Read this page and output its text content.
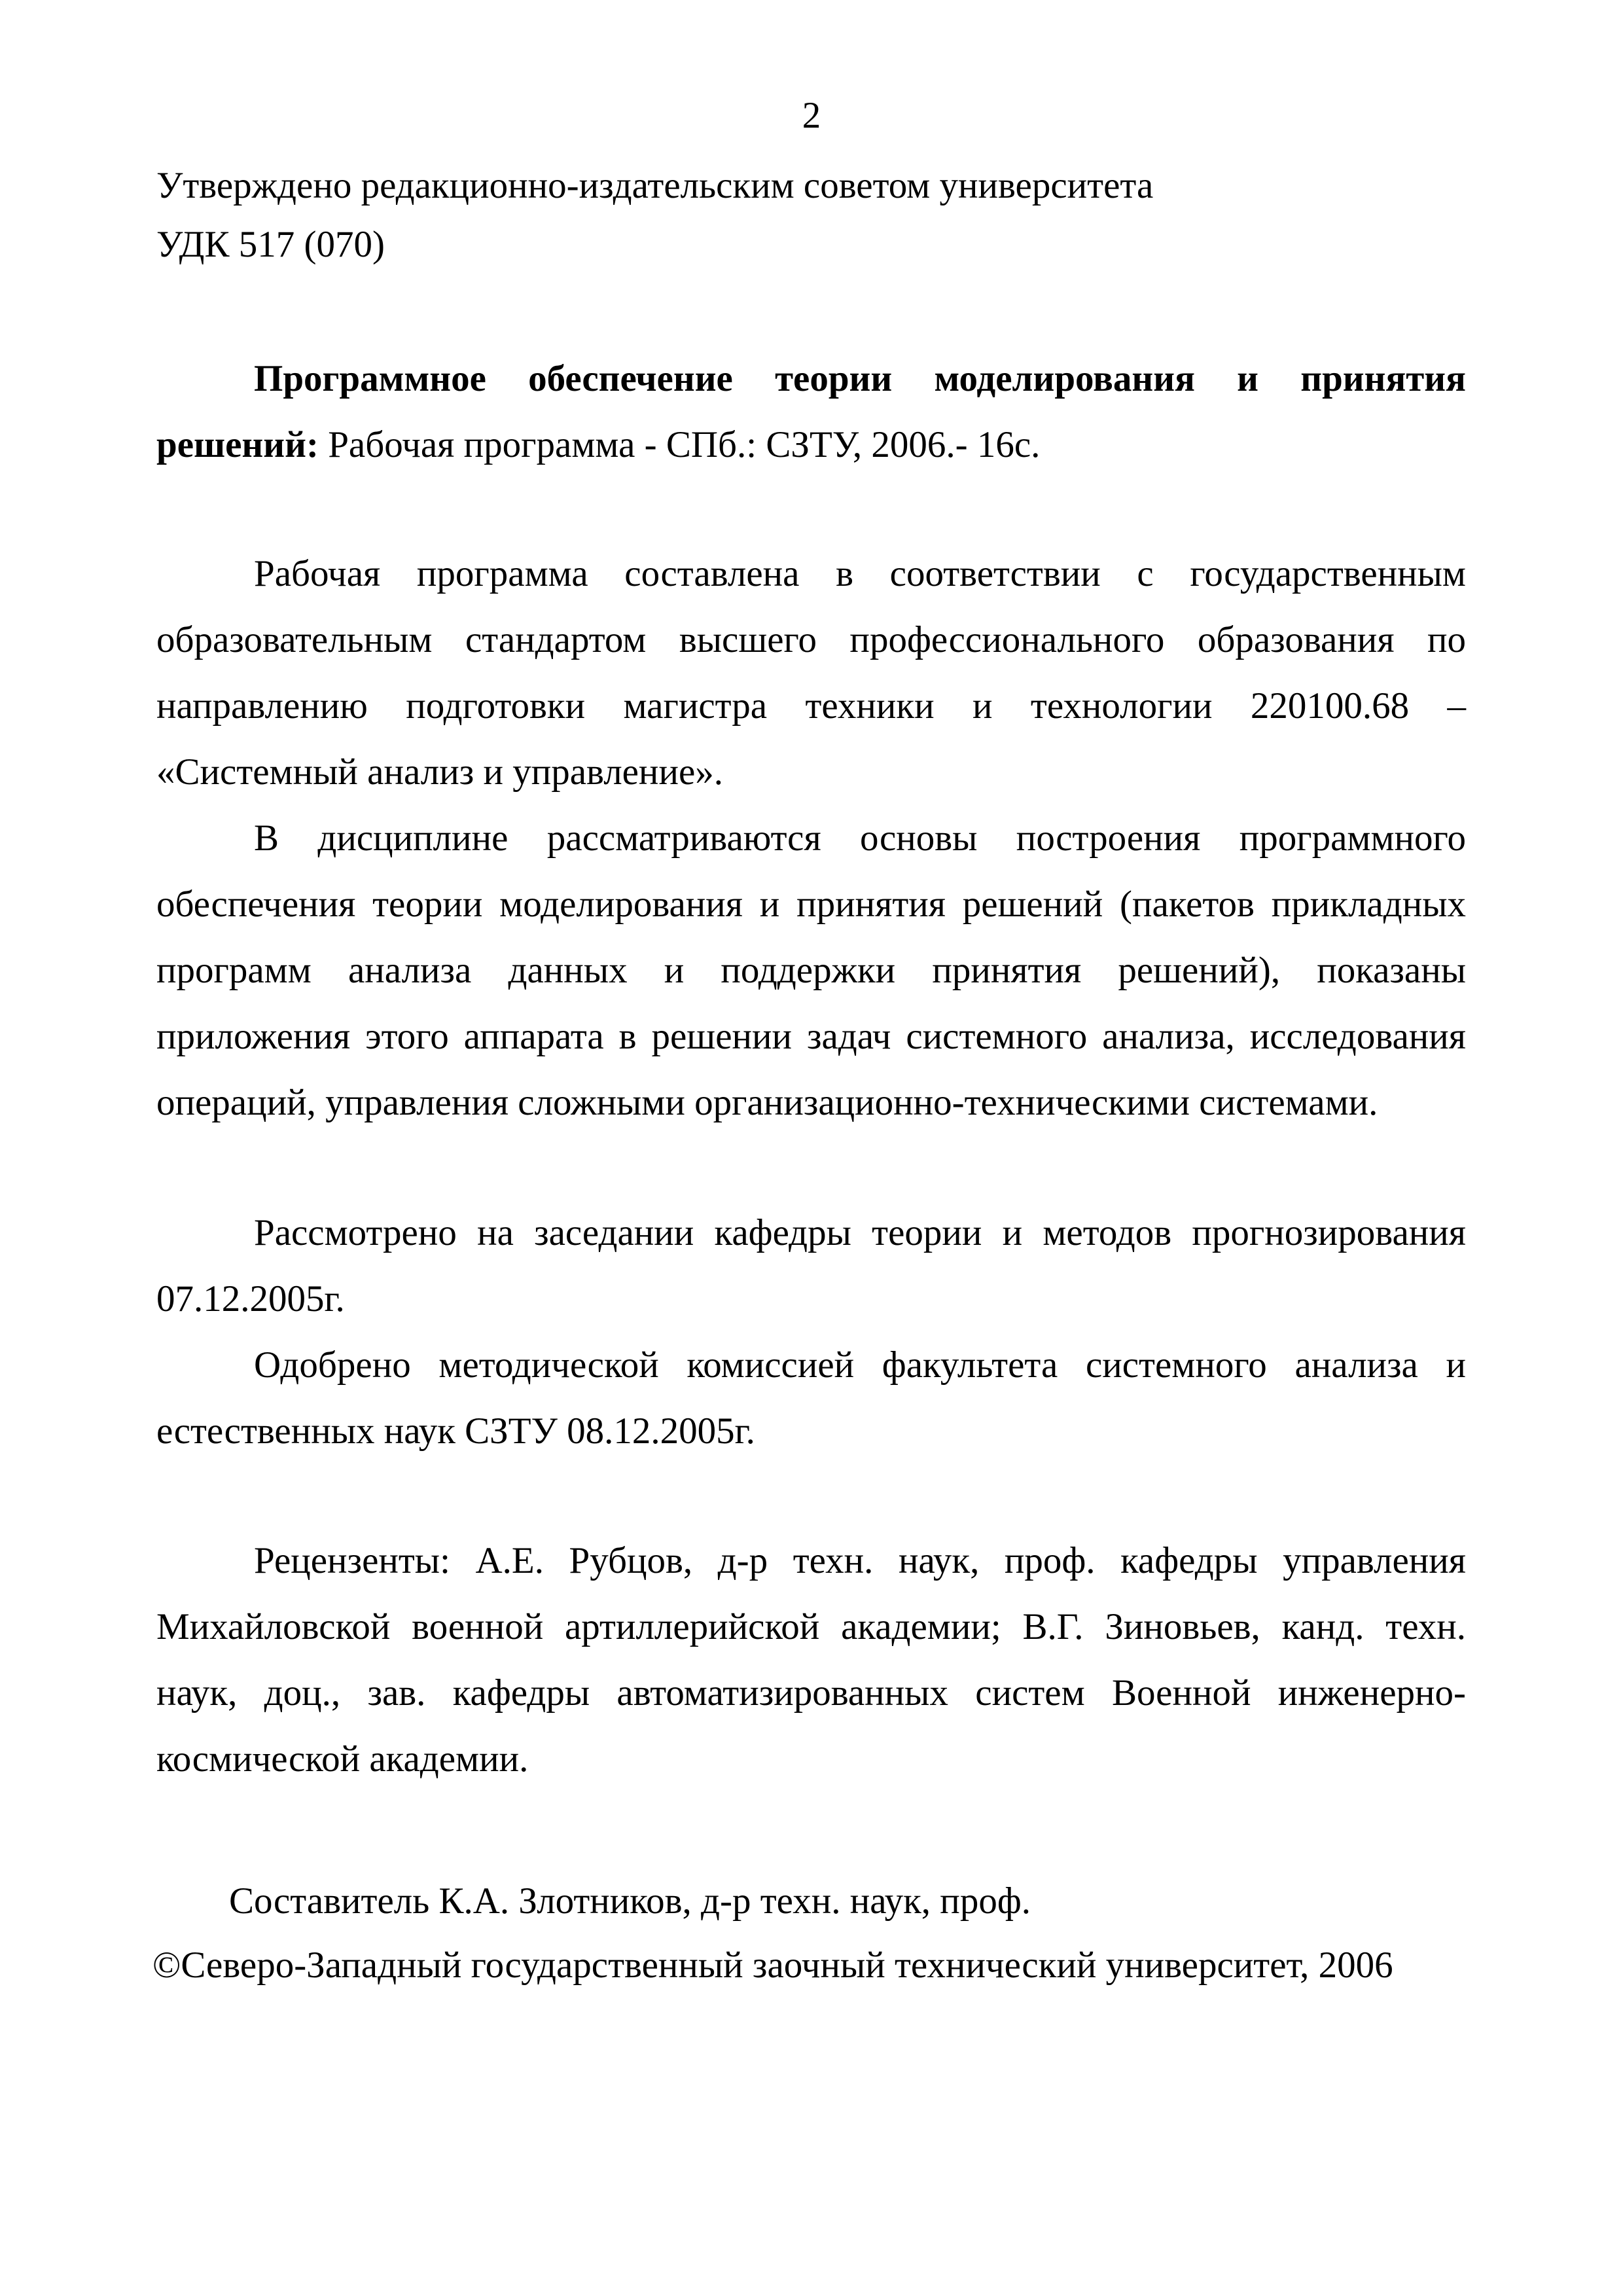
2

Утверждено редакционно-издательским советом университета

УДК 517 (070)

Программное обеспечение теории моделирования и принятия решений: Рабочая программа - СПб.: СЗТУ, 2006.- 16с.

Рабочая программа составлена в соответствии с государственным образовательным стандартом высшего профессионального образования по направлению подготовки магистра техники и технологии 220100.68 – «Системный анализ и управление».

В дисциплине рассматриваются основы построения программного обеспечения теории моделирования и принятия решений (пакетов прикладных программ анализа данных и поддержки принятия решений), показаны приложения этого аппарата в решении задач системного анализа, исследования операций, управления сложными организационно-техническими системами.

Рассмотрено на заседании кафедры теории и методов прогнозирования 07.12.2005г.

Одобрено методической комиссией факультета системного анализа и естественных наук СЗТУ 08.12.2005г.

Рецензенты: А.Е. Рубцов, д-р техн. наук, проф. кафедры управления Михайловской военной артиллерийской академии; В.Г. Зиновьев, канд. техн. наук, доц., зав. кафедры автоматизированных систем Военной инженерно-космической академии.

Составитель К.А. Злотников, д-р техн. наук, проф.

©Северо-Западный государственный заочный технический университет, 2006
